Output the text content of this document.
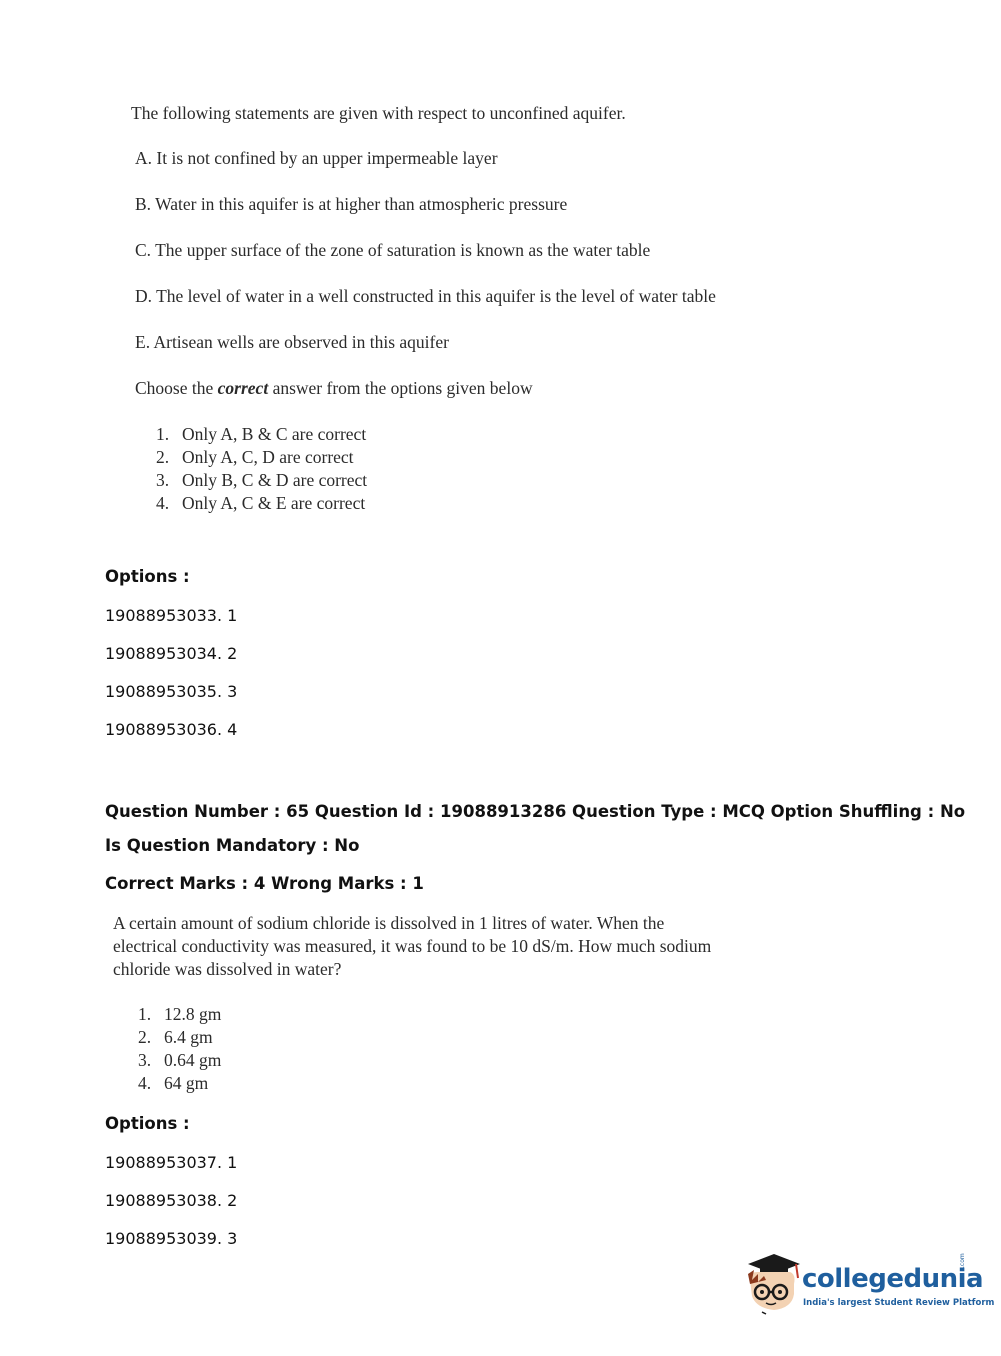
The following statements are given with respect to unconfined aquifer.
A. It is not confined by an upper impermeable layer
B. Water in this aquifer is at higher than atmospheric pressure
C. The upper surface of the zone of saturation is known as the water table
D. The level of water in a well constructed in this aquifer is the level of water table
E. Artisean wells are observed in this aquifer
Choose the correct answer from the options given below
1. Only A, B & C are correct
2. Only A, C, D are correct
3. Only B, C & D are correct
4. Only A, C & E are correct
Options :
19088953033. 1
19088953034. 2
19088953035. 3
19088953036. 4
Question Number : 65 Question Id : 19088913286 Question Type : MCQ Option Shuffling : No
Is Question Mandatory : No
Correct Marks : 4 Wrong Marks : 1
A certain amount of sodium chloride is dissolved in 1 litres of water. When the electrical conductivity was measured, it was found to be 10 dS/m. How much sodium chloride was dissolved in water?
1. 12.8 gm
2. 6.4 gm
3. 0.64 gm
4. 64 gm
Options :
19088953037. 1
19088953038. 2
19088953039. 3
collegedunia
.com
India's largest Student Review Platform
